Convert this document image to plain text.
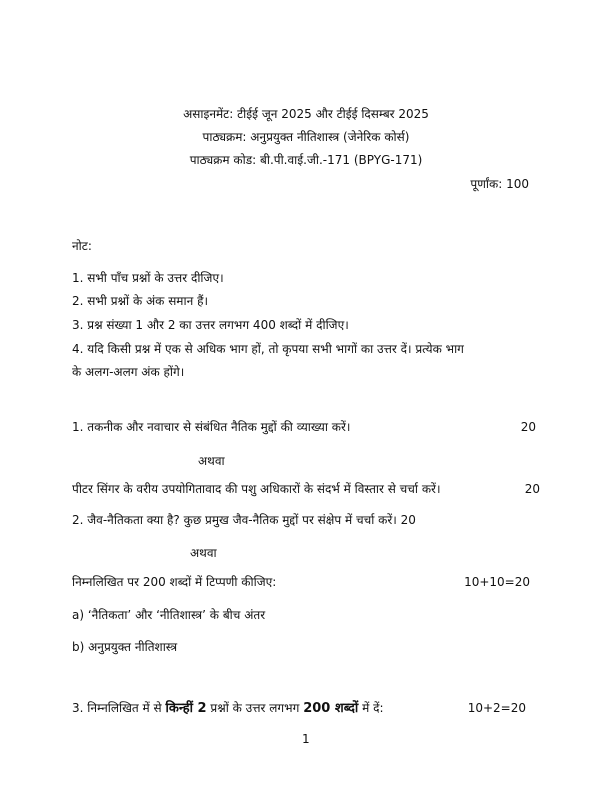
असाइनमेंट: टीईई जून 2025 और टीईई दिसम्बर 2025
पाठ्यक्रम: अनुप्रयुक्त नीतिशास्त्र (जेनेरिक कोर्स)
पाठ्यक्रम कोड: बी.पी.वाई.जी.-171 (BPYG-171)
पूर्णांक: 100
नोट:
1. सभी पाँच प्रश्नों के उत्तर दीजिए।
2. सभी प्रश्नों के अंक समान हैं।
3. प्रश्न संख्या 1 और 2 का उत्तर लगभग 400 शब्दों में दीजिए।
4. यदि किसी प्रश्न में एक से अधिक भाग हों, तो कृपया सभी भागों का उत्तर दें। प्रत्येक भाग
के अलग-अलग अंक होंगे।
1. तकनीक और नवाचार से संबंधित नैतिक मुद्दों की व्याख्या करें।	20
अथवा
पीटर सिंगर के वरीय उपयोगितावाद की पशु अधिकारों के संदर्भ में विस्तार से चर्चा करें।	20
2. जैव-नैतिकता क्या है? कुछ प्रमुख जैव-नैतिक मुद्दों पर संक्षेप में चर्चा करें। 20
अथवा
निम्नलिखित पर 200 शब्दों में टिप्पणी कीजिए:	10+10=20
a) ‘नैतिकता’ और ‘नीतिशास्त्र’ के बीच अंतर
b) अनुप्रयुक्त नीतिशास्त्र
3. निम्नलिखित में से किन्हीं 2 प्रश्नों के उत्तर लगभग 200 शब्दों में दें:	10+2=20
1
